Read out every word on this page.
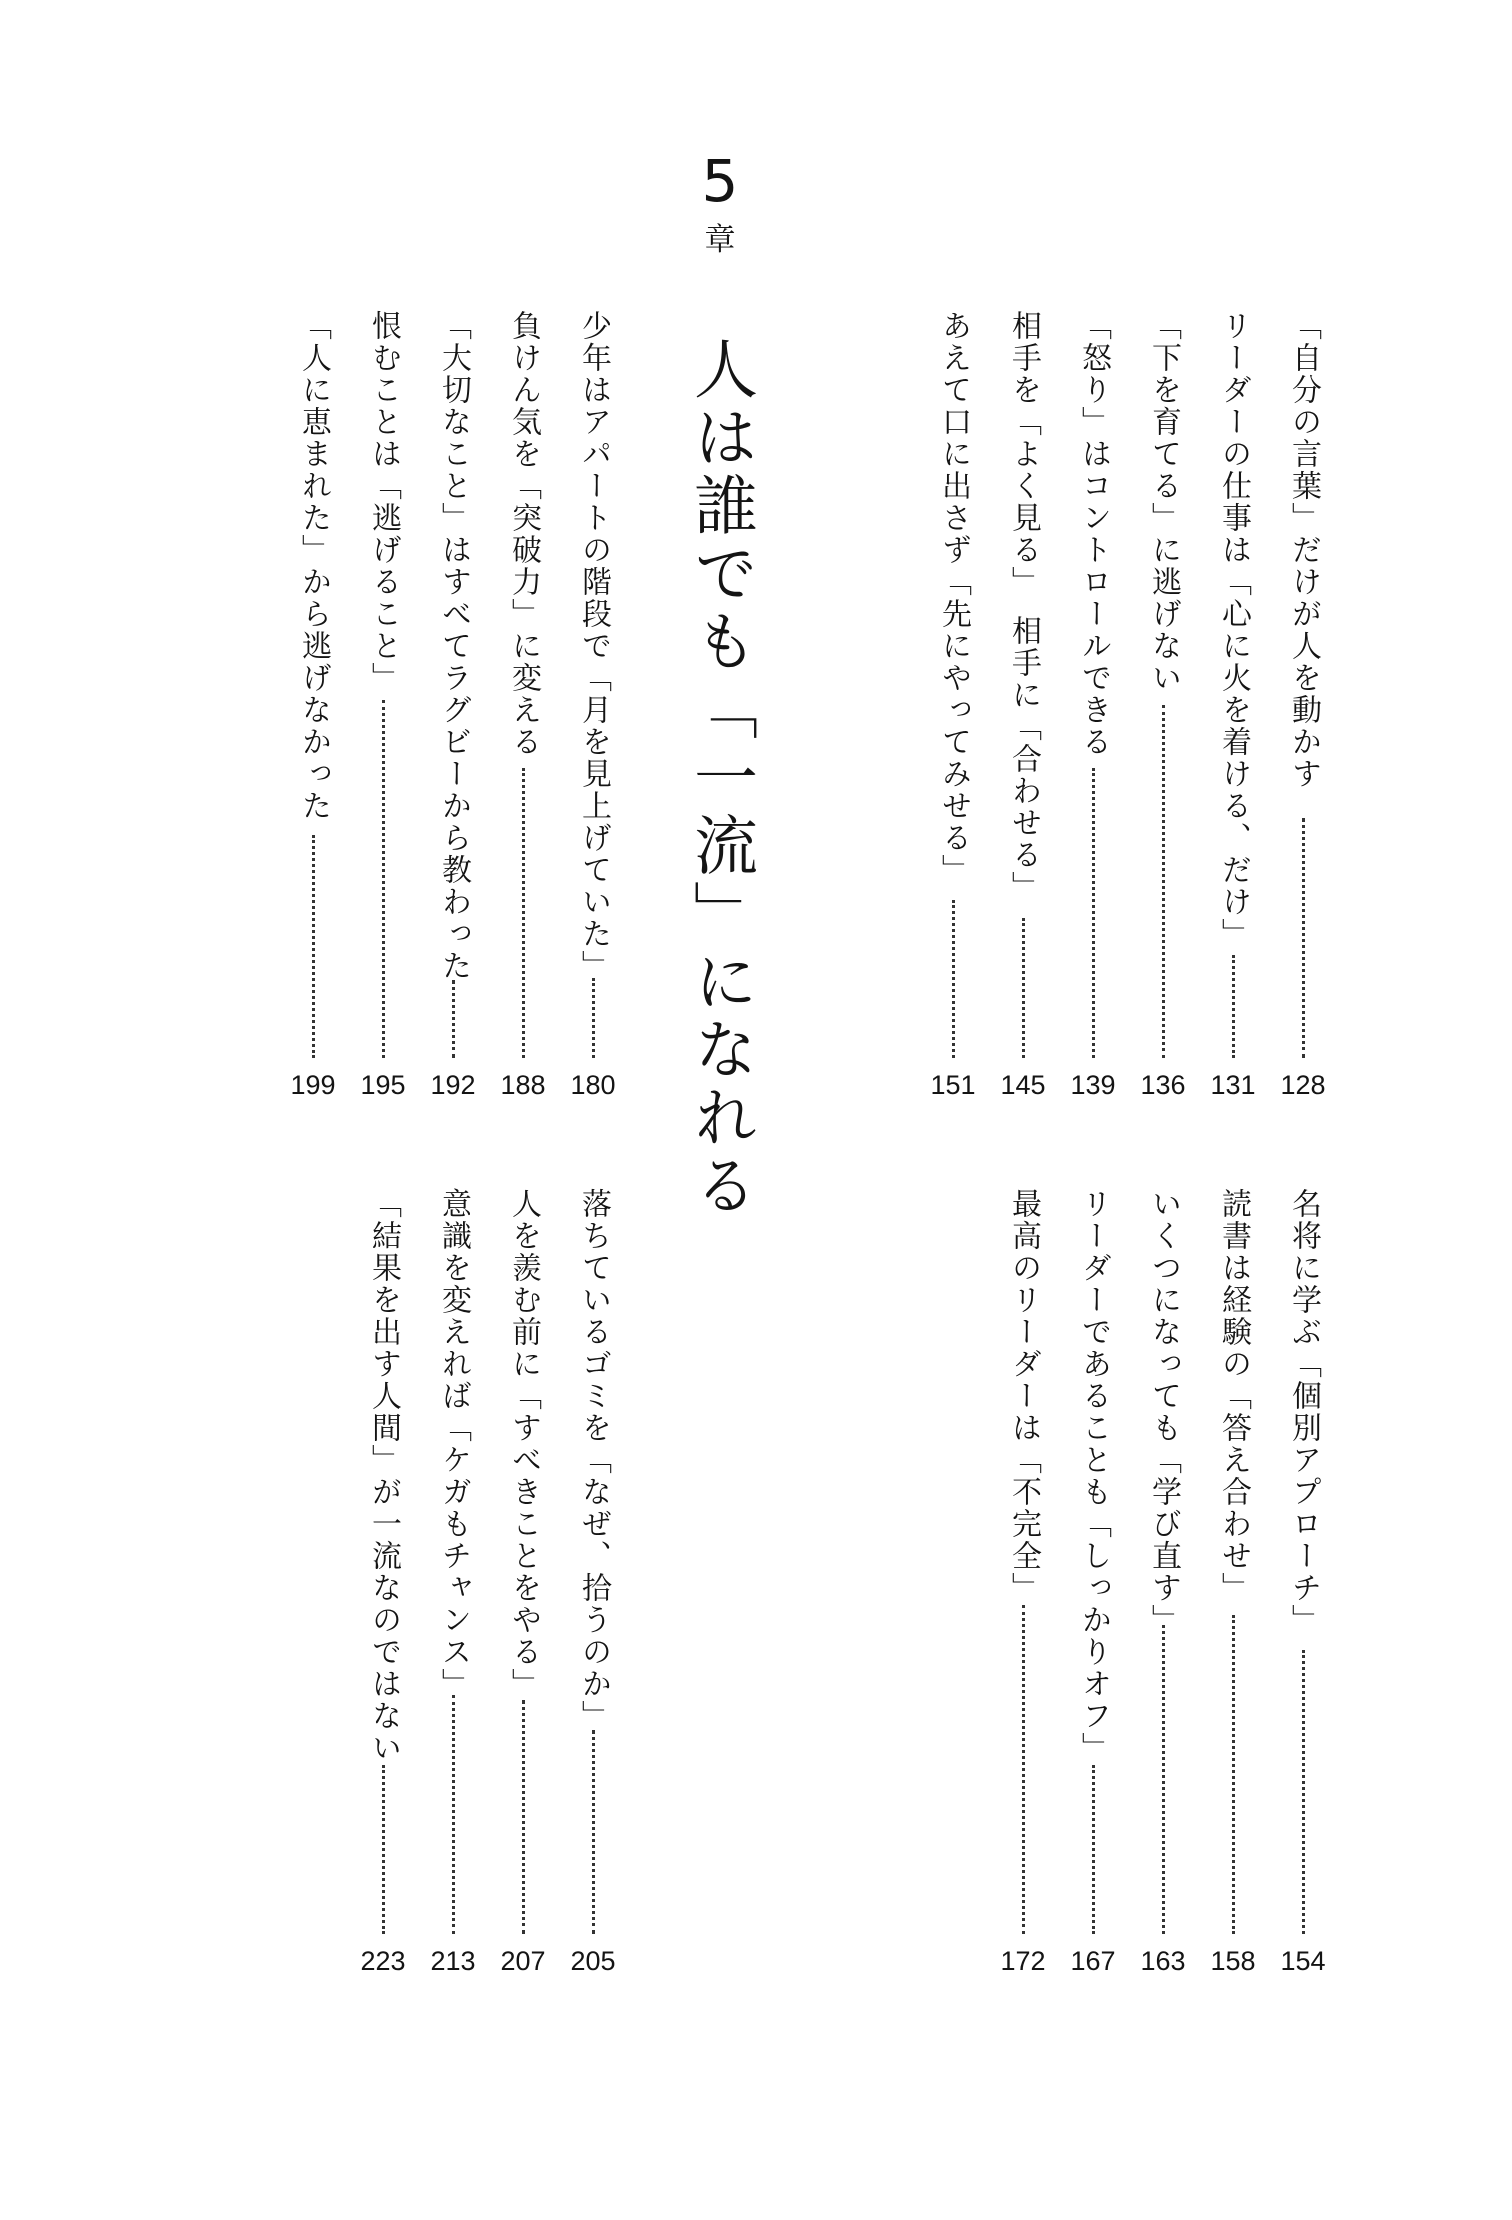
5
章
人は誰でも「一流」になれる	「自分の言葉」だけが人を動かす
128
リーダーの仕事は「心に火を着ける、だけ」
131
「下を育てる」に逃げない
136
「怒り」はコントロールできる
139
相手を「よく見る」　相手に「合わせる」
145
あえて口に出さず「先にやってみせる」
151
名将に学ぶ「個別アプローチ」
154
読書は経験の「答え合わせ」
158
いくつになっても「学び直す」
163
リーダーであることも「しっかりオフ」
167
最高のリーダーは「不完全」
172
少年はアパートの階段で「月を見上げていた」
180
負けん気を「突破力」に変える
188
「大切なこと」はすべてラグビーから教わった
192
恨むことは「逃げること」
195
「人に恵まれた」から逃げなかった
199
落ちているゴミを「なぜ、拾うのか」
205
人を羨む前に「すべきことをやる」
207
意識を変えれば「ケガもチャンス」
213
「結果を出す人間」が一流なのではない
223
